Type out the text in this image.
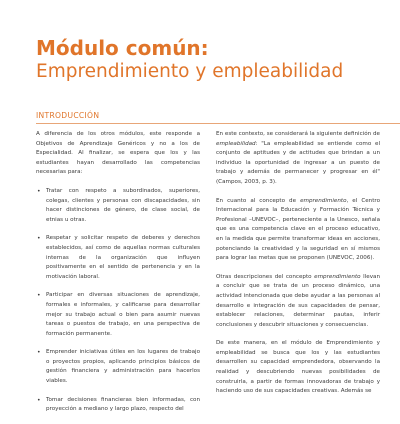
Módulo común:
Emprendimiento y empleabilidad
INTRODUCCIÓN

A diferencia de los otros módulos, este responde a Objetivos de Aprendizaje Genéricos y no a los de Especialidad. Al finalizar, se espera que los y las estudiantes hayan desarrollado las competencias necesarias para:

• Tratar con respeto a subordinados, superiores, colegas, clientes y personas con discapacidades, sin hacer distinciones de género, de clase social, de etnias u otras.
• Respetar y solicitar respeto de deberes y derechos establecidos, así como de aquellas normas culturales internas de la organización que influyen positivamente en el sentido de pertenencia y en la motivación laboral.
• Participar en diversas situaciones de aprendizaje, formales e informales, y calificarse para desarrollar mejor su trabajo actual o bien para asumir nuevas tareas o puestos de trabajo, en una perspectiva de formación permanente.
• Emprender iniciativas útiles en los lugares de trabajo o proyectos propios, aplicando principios básicos de gestión financiera y administración para hacerlos viables.
• Tomar decisiones financieras bien informadas, con proyección a mediano y largo plazo, respecto del

En este contexto, se considerará la siguiente definición de empleabilidad: "La empleabilidad se entiende como el conjunto de aptitudes y de actitudes que brindan a un individuo la oportunidad de ingresar a un puesto de trabajo y además de permanecer y progresar en él" (Campos, 2003, p. 3).

En cuanto al concepto de emprendimiento, el Centro Internacional para la Educación y Formación Técnica y Profesional –UNEVOC–, perteneciente a la Unesco, señala que es una competencia clave en el proceso educativo, en la medida que permite transformar ideas en acciones, potenciando la creatividad y la seguridad en sí mismos para lograr las metas que se proponen (UNEVOC, 2006).

Otras descripciones del concepto emprendimiento llevan a concluir que se trata de un proceso dinámico, una actividad intencionada que debe ayudar a las personas al desarrollo e integración de sus capacidades de pensar, establecer relaciones, determinar pautas, inferir conclusiones y descubrir situaciones y consecuencias.

De este manera, en el módulo de Emprendimiento y empleabilidad se busca que los y las estudiantes desarrollen su capacidad emprendedora, observando la realidad y descubriendo nuevas posibilidades de construirla, a partir de formas innovadoras de trabajo y haciendo uso de sus capacidades creativas. Además se
